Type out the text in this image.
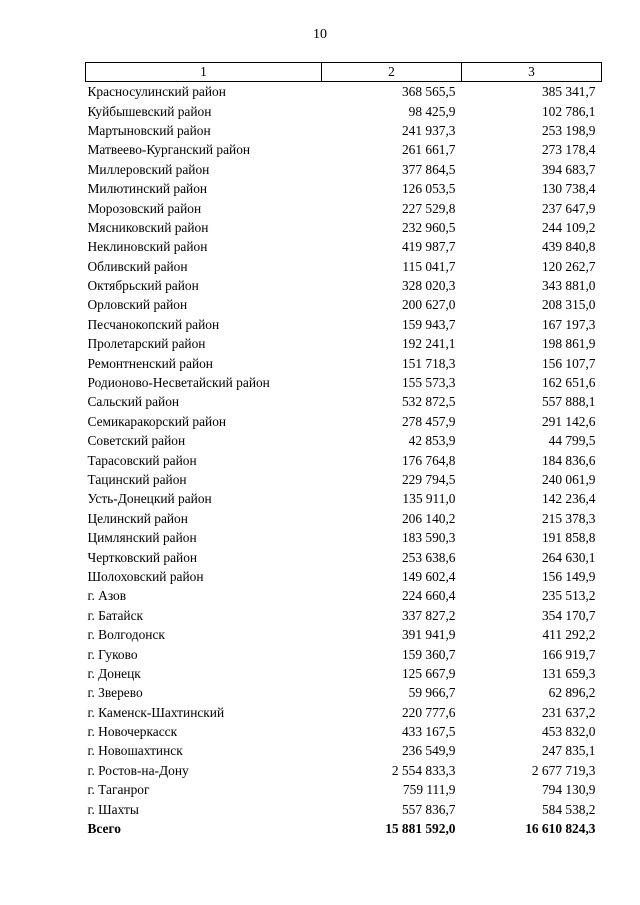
10
1	2	3
Красносулинский район	368 565,5	385 341,7
Куйбышевский район	98 425,9	102 786,1
Мартыновский район	241 937,3	253 198,9
Матвеево-Курганский район	261 661,7	273 178,4
Миллеровский район	377 864,5	394 683,7
Милютинский район	126 053,5	130 738,4
Морозовский район	227 529,8	237 647,9
Мясниковский район	232 960,5	244 109,2
Неклиновский район	419 987,7	439 840,8
Обливский район	115 041,7	120 262,7
Октябрьский район	328 020,3	343 881,0
Орловский район	200 627,0	208 315,0
Песчанокопский район	159 943,7	167 197,3
Пролетарский район	192 241,1	198 861,9
Ремонтненский район	151 718,3	156 107,7
Родионово-Несветайский район	155 573,3	162 651,6
Сальский район	532 872,5	557 888,1
Семикаракорский район	278 457,9	291 142,6
Советский район	42 853,9	44 799,5
Тарасовский район	176 764,8	184 836,6
Тацинский район	229 794,5	240 061,9
Усть-Донецкий район	135 911,0	142 236,4
Целинский район	206 140,2	215 378,3
Цимлянский район	183 590,3	191 858,8
Чертковский район	253 638,6	264 630,1
Шолоховский район	149 602,4	156 149,9
г. Азов	224 660,4	235 513,2
г. Батайск	337 827,2	354 170,7
г. Волгодонск	391 941,9	411 292,2
г. Гуково	159 360,7	166 919,7
г. Донецк	125 667,9	131 659,3
г. Зверево	59 966,7	62 896,2
г. Каменск-Шахтинский	220 777,6	231 637,2
г. Новочеркасск	433 167,5	453 832,0
г. Новошахтинск	236 549,9	247 835,1
г. Ростов-на-Дону	2 554 833,3	2 677 719,3
г. Таганрог	759 111,9	794 130,9
г. Шахты	557 836,7	584 538,2
Всего	15 881 592,0	16 610 824,3
